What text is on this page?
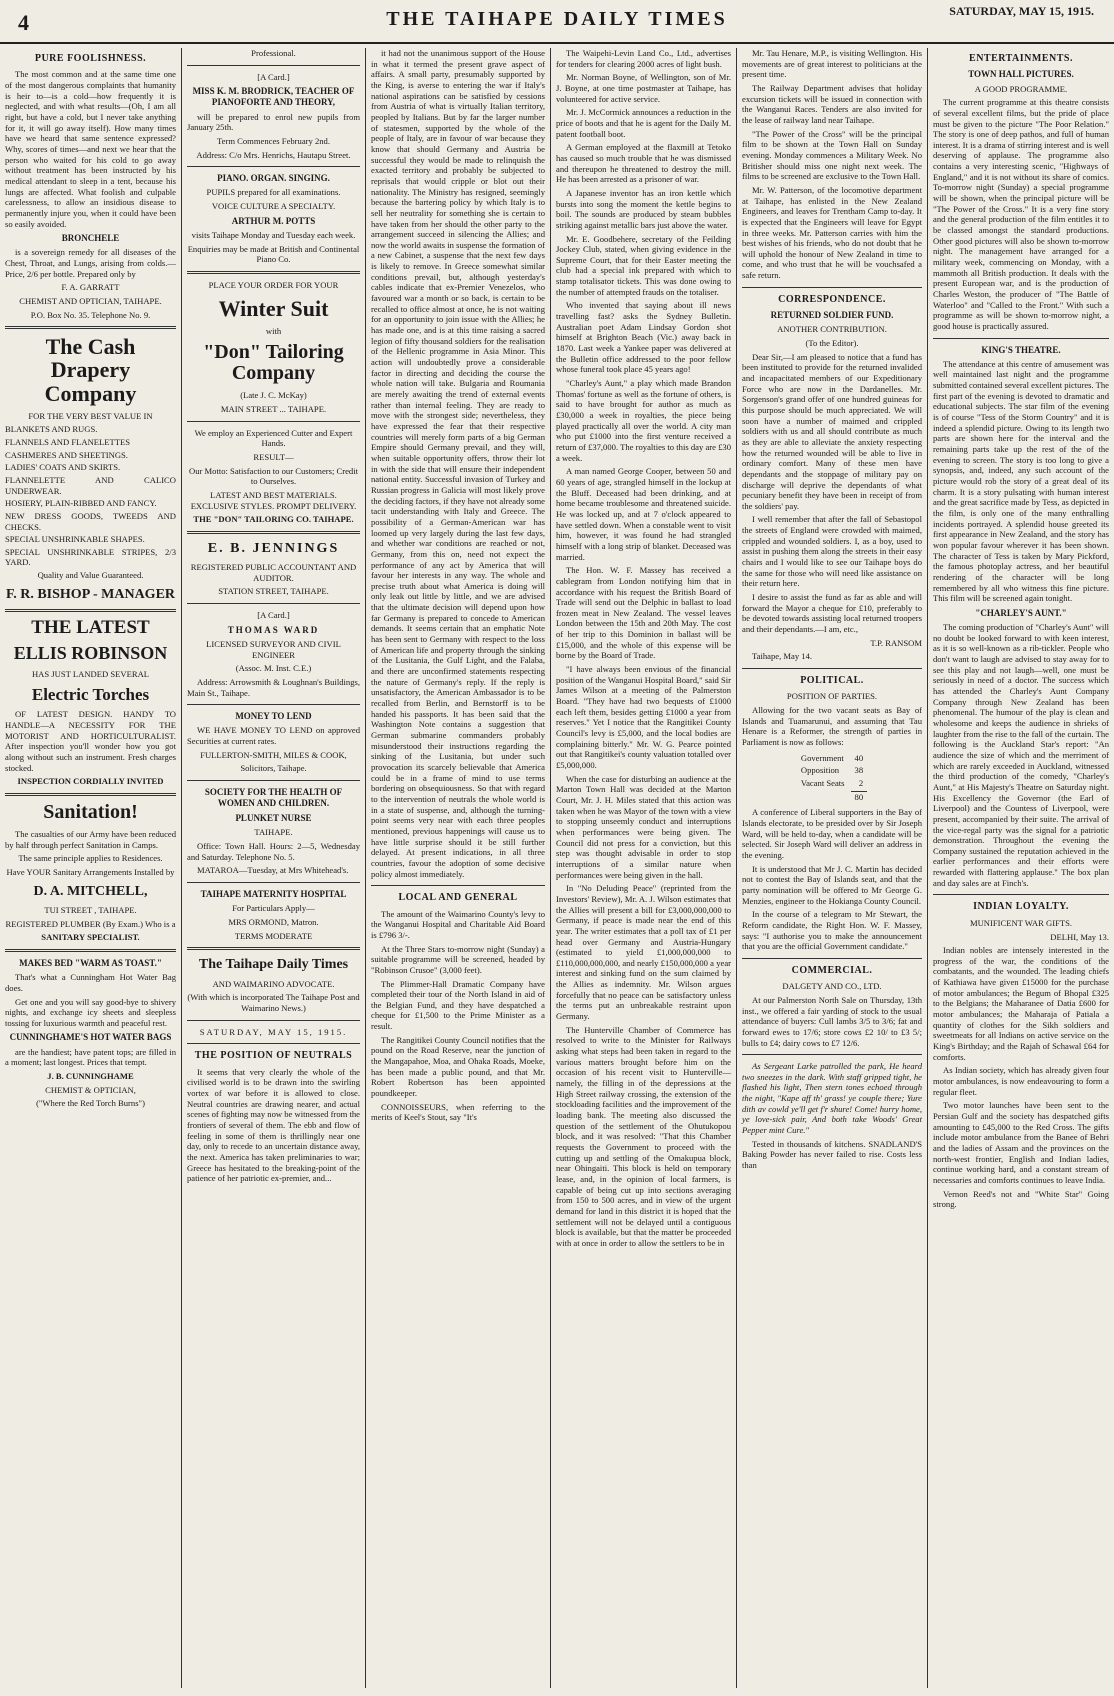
4	THE TAIHAPE DAILY TIMES	SATURDAY, MAY 15, 1915.
PURE FOOLISHNESS.

The most common and at the same time one of the most dangerous complaints that humanity is heir to—is a cold—how frequently it is neglected, and with what results—(Oh, I am all right, but have a cold, but I never take anything for it, it will go away itself). How many times have we heard that same sentence expressed? Why, scores of times—and next we hear that the person who waited for his cold to go away without treatment has been instructed by his medical attendant to sleep in a tent, because his lungs are affected. What foolish and culpable carelessness, to allow an insidious disease to permanently injure you, when it could have been so easily avoided.

BRONCHELE

is a sovereign remedy for all diseases of the Chest, Throat, and Lungs, arising from colds.—Price, 2/6 per bottle. Prepared only by

F. A. GARRATT

CHEMIST AND OPTICIAN, TAIHAPE.

P.O. Box No. 35. Telephone No. 9.

The Cash Drapery Company

FOR THE VERY BEST VALUE IN

BLANKETS AND RUGS.

FLANNELS AND FLANELETTES

CASHMERES AND SHEETINGS.

LADIES' COATS AND SKIRTS.

FLANNELETTE AND CALICO UNDERWEAR.

HOSIERY, PLAIN-RIBBED AND FANCY.

NEW DRESS GOODS, TWEEDS AND CHECKS.

SPECIAL UNSHRINKABLE SHAPES.

SPECIAL UNSHRINKABLE STRIPES, 2/3 YARD.

Quality and Value Guaranteed.

F. R. BISHOP - MANAGER
THE LATEST
ELLIS ROBINSON

HAS JUST LANDED SEVERAL

Electric Torches

OF LATEST DESIGN. HANDY TO HANDLE—A NECESSITY FOR THE MOTORIST AND HORTICULTURALIST. After inspection you'll wonder how you got along without such an instrument. Fresh charges stocked.

INSPECTION CORDIALLY INVITED

Sanitation!

The casualties of our Army have been reduced by half through perfect Sanitation in Camps.

The same principle applies to Residences.

Have YOUR Sanitary Arrangements Installed by

D. A. MITCHELL,

TUI STREET , TAIHAPE.

REGISTERED PLUMBER (By Exam.) Who is a

SANITARY SPECIALIST.

MAKES BED "WARM AS TOAST."

That's what a Cunningham Hot Water Bag does.

Get one and you will say good-bye to shivery nights, and exchange icy sheets and sleepless tossing for luxurious warmth and peaceful rest.

CUNNINGHAME'S HOT WATER BAGS

are the handiest; have patent tops; are filled in a moment; last longest. Prices that tempt.

J. B. CUNNINGHAME

CHEMIST & OPTICIAN,

("Where the Red Torch Burns")

Professional.

[A Card.]

MISS K. M. BRODRICK, TEACHER OF PIANOFORTE AND THEORY,

will be prepared to enrol new pupils from January 25th.

Term Commences February 2nd.

Address: C/o Mrs. Henrichs, Hautapu Street.

PIANO. ORGAN. SINGING.

PUPILS prepared for all examinations.

VOICE CULTURE A SPECIALTY.

ARTHUR M. POTTS

visits Taihape Monday and Tuesday each week.

Enquiries may be made at British and Continental Piano Co.

PLACE YOUR ORDER FOR YOUR

Winter Suit

with

"Don" Tailoring Company

(Late J. C. McKay)

MAIN STREET ... TAIHAPE.

We employ an Experienced Cutter and Expert Hands.

RESULT—

Our Motto: Satisfaction to our Customers; Credit to Ourselves.

LATEST AND BEST MATERIALS. EXCLUSIVE STYLES. PROMPT DELIVERY.

THE "DON" TAILORING CO. TAIHAPE.

E. B. JENNINGS

REGISTERED PUBLIC ACCOUNTANT AND AUDITOR.

STATION STREET, TAIHAPE.

[A Card.]

THOMAS WARD

LICENSED SURVEYOR AND CIVIL ENGINEER

(Assoc. M. Inst. C.E.)

Address: Arrowsmith & Loughnan's Buildings, Main St., Taihape.

MONEY TO LEND

WE HAVE MONEY TO LEND on approved Securities at current rates.

FULLERTON-SMITH, MILES & COOK,

Solicitors, Taihape.

SOCIETY FOR THE HEALTH OF WOMEN AND CHILDREN.
PLUNKET NURSE

TAIHAPE.

Office: Town Hall. Hours: 2—5, Wednesday and Saturday. Telephone No. 5.

MATAROA—Tuesday, at Mrs Whitehead's.

TAIHAPE MATERNITY HOSPITAL

For Particulars Apply—

MRS ORMOND, Matron.

TERMS MODERATE

The Taihape Daily Times

AND WAIMARINO ADVOCATE.

(With which is incorporated The Taihape Post and Waimarino News.)

SATURDAY, MAY 15, 1915.

THE POSITION OF NEUTRALS

It seems that very clearly the whole of the civilised world is to be drawn into the swirling vortex of war before it is allowed to close. Neutral countries are drawing nearer, and actual scenes of fighting may now be witnessed from the frontiers of several of them. The ebb and flow of feeling in some of them is thrillingly near one day, only to recede to an uncertain distance away, the next. America has taken preliminaries to war; Greece has hesitated to the breaking-point of the patience of her patriotic ex-premier, and...

it had not the unanimous support of the House in what it termed the present grave aspect of affairs. A small party, presumably supported by the King, is averse to entering the war if Italy's national aspirations can be satisfied by cessions from Austria of what is virtually Italian territory, peopled by Italians. But by far the larger number of statesmen, supported by the whole of the people of Italy, are in favour of war because they know that should Germany and Austria be successful they would be made to relinquish the exacted territory and probably be subjected to reprisals that would cripple or blot out their nationality. The Ministry has resigned, seemingly because the bartering policy by which Italy is to sell her neutrality for something she is certain to have taken from her should the other party to the arrangement succeed in silencing the Allies; and now the world awaits in suspense the formation of a new Cabinet, a suspense that the next few days is likely to remove. In Greece somewhat similar conditions prevail, but, although yesterday's cables indicate that ex-Premier Venezelos, who favoured war a month or so back, is certain to be recalled to office almost at once, he is not waiting for an opportunity to join issue with the Allies; he has made one, and is at this time raising a sacred legion of fifty thousand soldiers for the realisation of the Hellenic programme in Asia Minor. This action will undoubtedly prove a considerable factor in directing and deciding the course the whole nation will take. Bulgaria and Roumania are merely awaiting the trend of external events rather than internal feeling. They are ready to move with the strongest side; nevertheless, they have expressed the fear that their respective countries will merely form parts of a big German Empire should Germany prevail, and they will, when suitable opportunity offers, throw their lot in with the side that will ensure their independent national entity. Successful invasion of Turkey and Russian progress in Galicia will most likely prove the deciding factors, if they have not already some tacit understanding with Italy and Greece. The possibility of a German-American war has loomed up very largely during the last few days, and whether war conditions are reached or not, Germany, from this on, need not expect the performance of any act by America that will favour her interests in any way. The whole and precise truth about what America is doing will only leak out little by little, and we are advised that the ultimate decision will depend upon how far Germany is prepared to concede to American demands. It seems certain that an emphatic Note has been sent to Germany with respect to the loss of American life and property through the sinking of the Lusitania, the Gulf Light, and the Falaba, and there are unconfirmed statements respecting the nature of Germany's reply. If the reply is unsatisfactory, the American Ambassador is to be recalled from Berlin, and Bernstorff is to be handed his passports. It has been said that the Washington Note contains a suggestion that German submarine commanders probably misunderstood their instructions regarding the sinking of the Lusitania, but under such provocation its scarcely believable that America could be in a frame of mind to use terms bordering on obsequiousness. So that with regard to the intervention of neutrals the whole world is in a state of suspense, and, although the turning-point seems very near with each three peoples mentioned, previous happenings will cause us to have little surprise should it be still further delayed. At present indications, in all three countries, favour the adoption of some decisive policy almost immediately.

LOCAL AND GENERAL

The amount of the Waimarino County's levy to the Wanganui Hospital and Charitable Aid Board is £796 3/-.

At the Three Stars to-morrow night (Sunday) a suitable programme will be screened, headed by "Robinson Crusoe" (3,000 feet).

The Plimmer-Hall Dramatic Company have completed their tour of the North Island in aid of the Belgian Fund, and they have despatched a cheque for £1,500 to the Prime Minister as a result.

The Rangitikei County Council notifies that the pound on the Road Reserve, near the junction of the Mangapahoe, Moa, and Ohaka Roads, Moeke, has been made a public pound, and that Mr. Robert Robertson has been appointed poundkeeper.

CONNOISSEURS, when referring to the merits of Keel's Stout, say "It's

The Waipehi-Levin Land Co., Ltd., advertises for tenders for clearing 2000 acres of light bush.

Mr. Norman Boyne, of Wellington, son of Mr. J. Boyne, at one time postmaster at Taihape, has volunteered for active service.

Mr. J. McCormick announces a reduction in the price of boots and that he is agent for the Daily M. patent football boot.

A German employed at the flaxmill at Tetoko has caused so much trouble that he was dismissed and thereupon he threatened to destroy the mill. He has been arrested as a prisoner of war.

A Japanese inventor has an iron kettle which bursts into song the moment the kettle begins to boil. The sounds are produced by steam bubbles striking against metallic bars just above the water.

Mr. E. Goodbehere, secretary of the Feilding Jockey Club, stated, when giving evidence in the Supreme Court, that for their Easter meeting the club had a special ink prepared with which to stamp totalisator tickets. This was done owing to the number of attempted frauds on the totaliser.

Who invented that saying about ill news travelling fast? asks the Sydney Bulletin. Australian poet Adam Lindsay Gordon shot himself at Brighton Beach (Vic.) away back in 1870. Last week a Yankee paper was delivered at the Bulletin office addressed to the poor fellow whose funeral took place 45 years ago!

"Charley's Aunt," a play which made Brandon Thomas' fortune as well as the fortune of others, is said to have brought for author as much as £30,000 a week in royalties, the piece being played practically all over the world. A city man who put £1000 into the first venture received a return of £37,000. The royalties to this day are £30 a week.

A man named George Cooper, between 50 and 60 years of age, strangled himself in the lockup at the Bluff. Deceased had been drinking, and at home became troublesome and threatened suicide. He was locked up, and at 7 o'clock appeared to have settled down. When a constable went to visit him, however, it was found he had strangled himself with a long strip of blanket. Deceased was married.

The Hon. W. F. Massey has received a cablegram from London notifying him that in accordance with his request the British Board of Trade will send out the Delphic in ballast to load frozen meat in New Zealand. The vessel leaves London between the 15th and 20th May. The cost of her trip to this Dominion in ballast will be £15,000, and the whole of this expense will be borne by the Board of Trade.

"I have always been envious of the financial position of the Wanganui Hospital Board," said Sir James Wilson at a meeting of the Palmerston Board. "They have had two bequests of £1000 each left them, besides getting £1000 a year from reserves." Yet I notice that the Rangitikei County Council's levy is £5,000, and the local bodies are complaining bitterly." Mr. W. G. Pearce pointed out that Rangitikei's county valuation totalled over £5,000,000.

When the case for disturbing an audience at the Marton Town Hall was decided at the Marton Court, Mr. J. H. Miles stated that this action was taken when he was Mayor of the town with a view to stopping unseemly conduct and interruptions when performances were being given. The Council did not press for a conviction, but this step was thought advisable in order to stop interruptions of a similar nature when performances were being given in the hall.

In "No Deluding Peace" (reprinted from the Investors' Review), Mr. A. J. Wilson estimates that the Allies will present a bill for £3,000,000,000 to Germany, if peace is made near the end of this year. The writer estimates that a poll tax of £1 per head over Germany and Austria-Hungary (estimated to yield £1,000,000,000 to £110,000,000,000, and nearly £150,000,000 a year interest and sinking fund on the sum claimed by the Allies as indemnity. Mr. Wilson argues forcefully that no peace can be satisfactory unless the terms put an unbreakable restraint upon Germany.

The Hunterville Chamber of Commerce has resolved to write to the Minister for Railways asking what steps had been taken in regard to the various matters brought before him on the occasion of his recent visit to Hunterville—namely, the filling in of the depressions at the High Street railway crossing, the extension of the stockloading facilities and the improvement of the loading bank. The meeting also discussed the question of the settlement of the Ohutukopou block, and it was resolved: "That this Chamber requests the Government to proceed with the cutting up and settling of the Omakupua block, near Ohingaiti. This block is held on temporary lease, and, in the opinion of local farmers, is capable of being cut up into sections averaging from 150 to 500 acres, and in view of the urgent demand for land in this district it is hoped that the settlement will not be delayed until a contiguous block is available, but that the matter be proceeded with at once in order to allow the settlers to be in

Mr. Tau Henare, M.P., is visiting Wellington. His movements are of great interest to politicians at the present time.

The Railway Department advises that holiday excursion tickets will be issued in connection with the Wanganui Races. Tenders are also invited for the lease of railway land near Taihape.

"The Power of the Cross" will be the principal film to be shown at the Town Hall on Sunday evening. Monday commences a Military Week. No Britisher should miss one night next week. The films to be screened are exclusive to the Town Hall.

Mr. W. Patterson, of the locomotive department at Taihape, has enlisted in the New Zealand Engineers, and leaves for Trentham Camp to-day. It is expected that the Engineers will leave for Egypt in three weeks. Mr. Patterson carries with him the best wishes of his friends, who do not doubt that he will uphold the honour of New Zealand in time to come, and who trust that he will be vouchsafed a safe return.

CORRESPONDENCE.
RETURNED SOLDIER FUND.

ANOTHER CONTRIBUTION.

(To the Editor).

Dear Sir,—I am pleased to notice that a fund has been instituted to provide for the returned invalided and incapacitated members of our Expeditionary Force who are now in the Dardanelles. Mr. Sorgenson's grand offer of one hundred guineas for this purpose should be much appreciated. We will soon have a number of maimed and crippled soldiers with us and all should contribute as much as they are able to alleviate the anxiety respecting how the returned wounded will be able to live in ordinary comfort. Many of these men have dependants and the stoppage of military pay on discharge will deprive the dependants of what pecuniary benefit they have been in receipt of from the soldiers' pay.

I well remember that after the fall of Sebastopol the streets of England were crowded with maimed, crippled and wounded soldiers. I, as a boy, used to assist in pushing them along the streets in their easy chairs and I would like to see our Taihape boys do the same for those who will need like assistance on their return here.

I desire to assist the fund as far as able and will forward the Mayor a cheque for £10, preferably to be devoted towards assisting local returned troopers and their dependants.—I am, etc.,

T.P. RANSOM

Taihape, May 14.

POLITICAL.

POSITION OF PARTIES.

Allowing for the two vacant seats as Bay of Islands and Tuamarunui, and assuming that Tau Henare is a Reformer, the strength of parties in Parliament is now as follows:

Government	40
Opposition	38
Vacant Seats	2
	80

A conference of Liberal supporters in the Bay of Islands electorate, to be presided over by Sir Joseph Ward, will be held to-day, when a candidate will be selected. Sir Joseph Ward will deliver an address in the evening.

It is understood that Mr J. C. Martin has decided not to contest the Bay of Islands seat, and that the party nomination will be offered to Mr George G. Menzies, engineer to the Hokianga County Council.

In the course of a telegram to Mr Stewart, the Reform candidate, the Right Hon. W. F. Massey, says: "I authorise you to make the announcement that you are the official Government candidate."

COMMERCIAL.

DALGETY AND CO., LTD.

At our Palmerston North Sale on Thursday, 13th inst., we offered a fair yarding of stock to the usual attendance of buyers: Cull lambs 3/5 to 3/6; fat and forward ewes to 17/6; store cows £2 10/ to £3 5/; bulls to £4; dairy cows to £7 12/6.

As Sergeant Larke patrolled the park, He heard two sneezes in the dark. With staff gripped tight, he flashed his light, Then stern tones echoed through the night, "Kape aff th' grass! ye couple there; Yure dith av cowld ye'll get f'r shure! Come! hurry home, ye love-sick pair, And both take Woods' Great Pepper mint Cure."

Tested in thousands of kitchens. SNADLAND'S Baking Powder has never failed to rise. Costs less than

ENTERTAINMENTS.
TOWN HALL PICTURES.

A GOOD PROGRAMME.

The current programme at this theatre consists of several excellent films, but the pride of place must be given to the picture "The Poor Relation." The story is one of deep pathos, and full of human interest. It is a drama of stirring interest and is well deserving of applause. The programme also contains a very interesting scenic, "Highways of England," and it is not without its share of comics. To-morrow night (Sunday) a special programme will be shown, when the principal picture will be "The Power of the Cross." It is a very fine story and the general production of the film entitles it to be classed amongst the standard productions. Other good pictures will also be shown to-morrow night. The management have arranged for a military week, commencing on Monday, with a mammoth all British production. It deals with the present European war, and is the production of Charles Weston, the producer of "The Battle of Waterloo" and "Called to the Front." With such a programme as will be shown to-morrow night, a good house is practically assured.

KING'S THEATRE.

The attendance at this centre of amusement was well maintained last night and the programme submitted contained several excellent pictures. The first part of the evening is devoted to dramatic and educational subjects. The star film of the evening is of course "Tess of the Storm Country" and it is indeed a splendid picture. Owing to its length two parts are shown here for the interval and the remaining parts take up the rest of the of the evening to screen. The story is too long to give a synopsis, and, indeed, any such account of the picture would rob the story of a great deal of its charm. It is a story pulsating with human interest and the great sacrifice made by Tess, as depicted in the film, is only one of the many enthralling incidents portrayed. A splendid house greeted its first appearance in New Zealand, and the story has won popular favour wherever it has been shown. The character of Tess is taken by Mary Pickford, the famous photoplay actress, and her beautiful rendering of the character will be long remembered by all who witness this fine picture. This film will be screened again tonight.

"CHARLEY'S AUNT."

The coming production of "Charley's Aunt" will no doubt be looked forward to with keen interest, as it is so well-known as a rib-tickler. People who don't want to laugh are advised to stay away for to see this play and not laugh—well, one must be seriously in need of a doctor. The success which has attended the Charley's Aunt Company Company through New Zealand has been phenomenal. The humour of the play is clean and wholesome and keeps the audience in shrieks of laughter from the rise to the fall of the curtain. The following is the Auckland Star's report: "An audience the size of which and the merriment of which are rarely exceeded in Auckland, witnessed the third production of the comedy, "Charley's Aunt," at His Majesty's Theatre on Saturday night. His Excellency the Governor (the Earl of Liverpool) and the Countess of Liverpool, were present, accompanied by their suite. The arrival of the vice-regal party was the signal for a patriotic demonstration. Throughout the evening the Company sustained the reputation achieved in the earlier performances and their efforts were rewarded with flattering applause." The box plan and day sales are at Finch's.

INDIAN LOYALTY.

MUNIFICENT WAR GIFTS.

DELHI, May 13.

Indian nobles are intensely interested in the progress of the war, the conditions of the combatants, and the wounded. The leading chiefs of Kathiawa have given £15000 for the purchase of motor ambulances; the Begum of Bhopal £325 to the Belgians; the Maharanee of Datia £600 for motor ambulances; the Maharaja of Patiala a quantity of clothes for the Sikh soldiers and sweetmeats for all Indians on active service on the King's Birthday; and the Rajah of Schawal £64 for comforts.

As Indian society, which has already given four motor ambulances, is now endeavouring to form a regular fleet.

Two motor launches have been sent to the Persian Gulf and the society has despatched gifts amounting to £45,000 to the Red Cross. The gifts include motor ambulance from the Banee of Behri and the ladies of Assam and the provinces on the north-west frontier, English and Indian ladies, continue working hard, and a constant stream of necessaries and comforts continues to leave India.

Vernon Reed's not and "White Star" Going strong.
